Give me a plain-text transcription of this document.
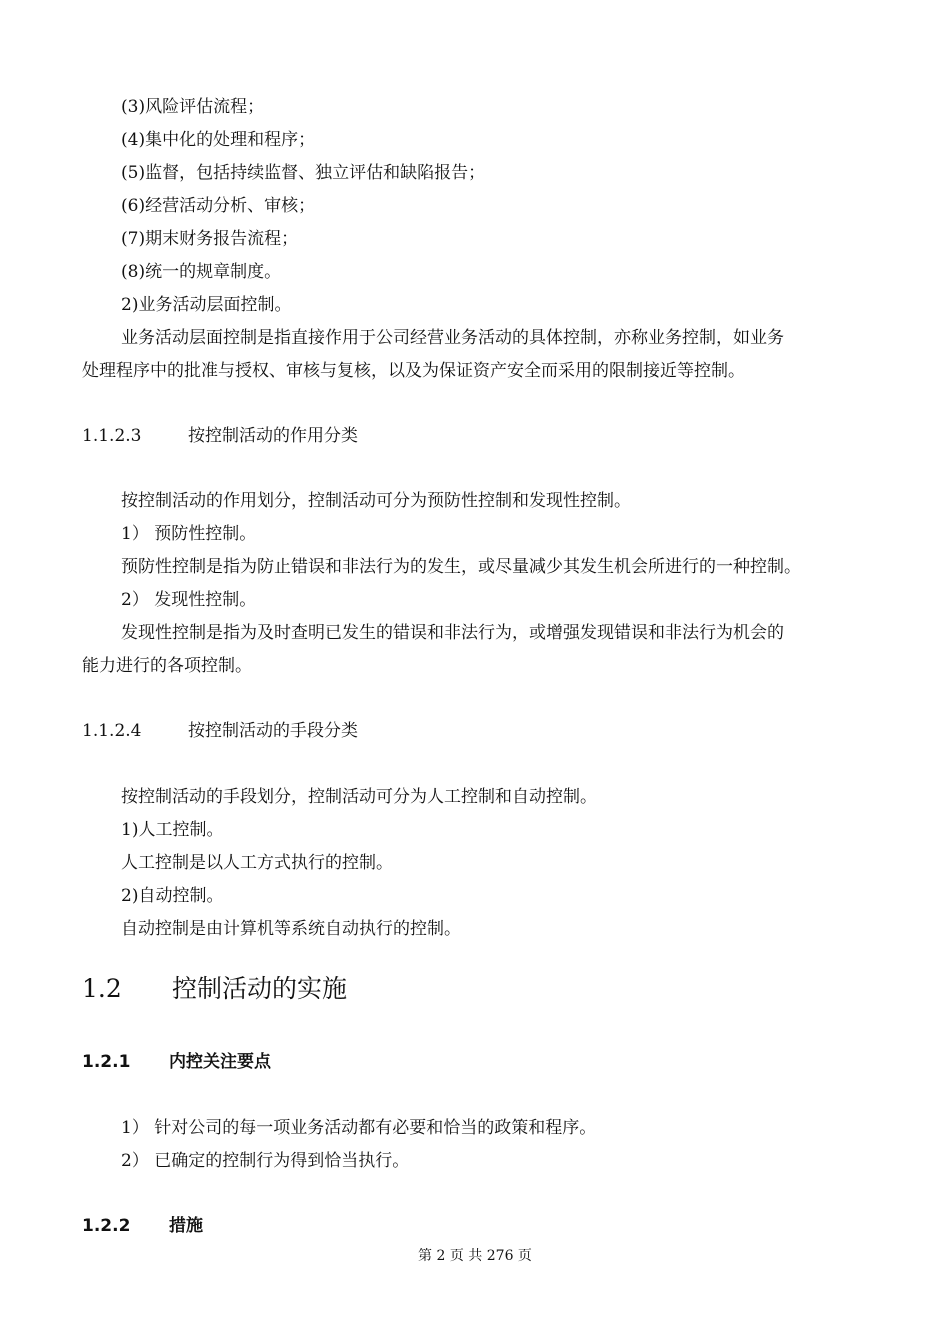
(3)风险评估流程；
(4)集中化的处理和程序；
(5)监督，包括持续监督、独立评估和缺陷报告；
(6)经营活动分析、审核；
(7)期末财务报告流程；
(8)统一的规章制度。
2)业务活动层面控制。
业务活动层面控制是指直接作用于公司经营业务活动的具体控制，亦称业务控制，如业务
处理程序中的批准与授权、审核与复核，以及为保证资产安全而采用的限制接近等控制。
1.1.2.3	按控制活动的作用分类
按控制活动的作用划分，控制活动可分为预防性控制和发现性控制。
1） 预防性控制。
预防性控制是指为防止错误和非法行为的发生，或尽量减少其发生机会所进行的一种控制。
2） 发现性控制。
发现性控制是指为及时查明已发生的错误和非法行为，或增强发现错误和非法行为机会的
能力进行的各项控制。
1.1.2.4	按控制活动的手段分类
按控制活动的手段划分，控制活动可分为人工控制和自动控制。
1)人工控制。
人工控制是以人工方式执行的控制。
2)自动控制。
自动控制是由计算机等系统自动执行的控制。
1.2 控制活动的实施
1.2.1 内控关注要点
1） 针对公司的每一项业务活动都有必要和恰当的政策和程序。
2） 已确定的控制行为得到恰当执行。
1.2.2 措施
第 2 页 共 276 页
